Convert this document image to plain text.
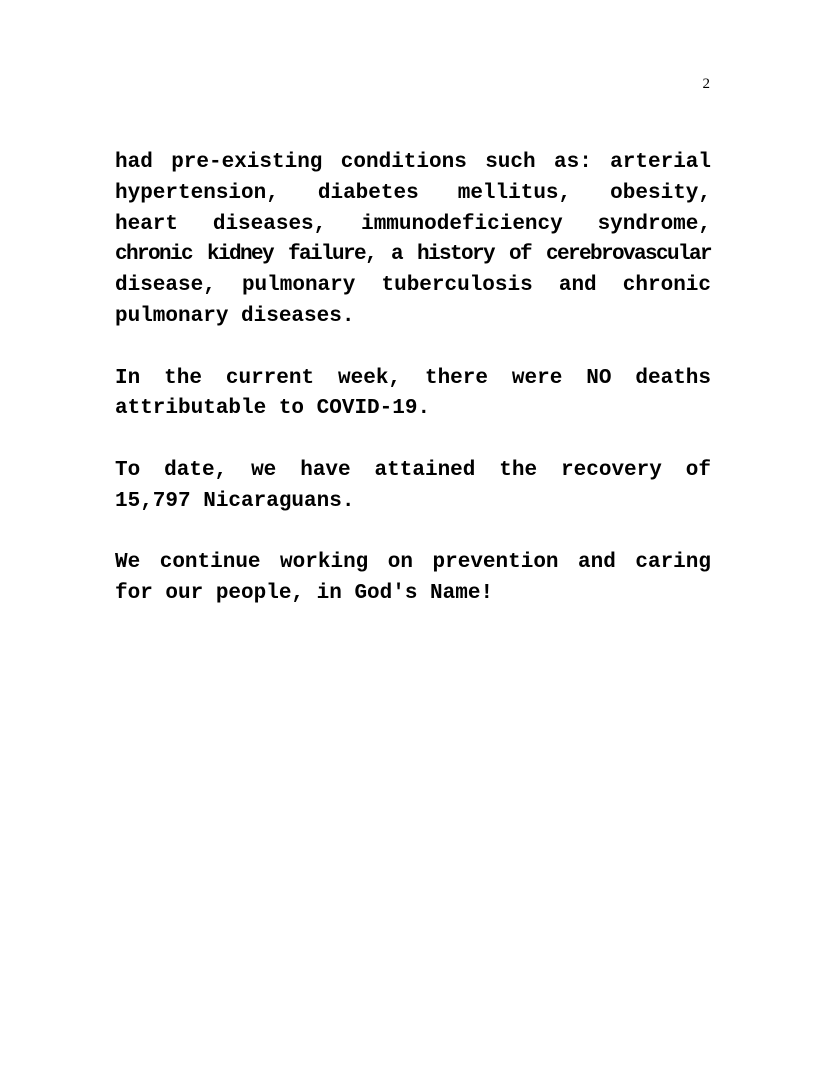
2

had pre-existing conditions such as: arterial
hypertension, diabetes mellitus, obesity,
heart diseases, immunodeficiency syndrome,
chronic kidney failure, a history of cerebrovascular
disease, pulmonary tuberculosis and chronic
pulmonary diseases.

In the current week, there were NO deaths
attributable to COVID-19.

To date, we have attained the recovery of
15,797 Nicaraguans.

We continue working on prevention and caring
for our people, in God's Name!
